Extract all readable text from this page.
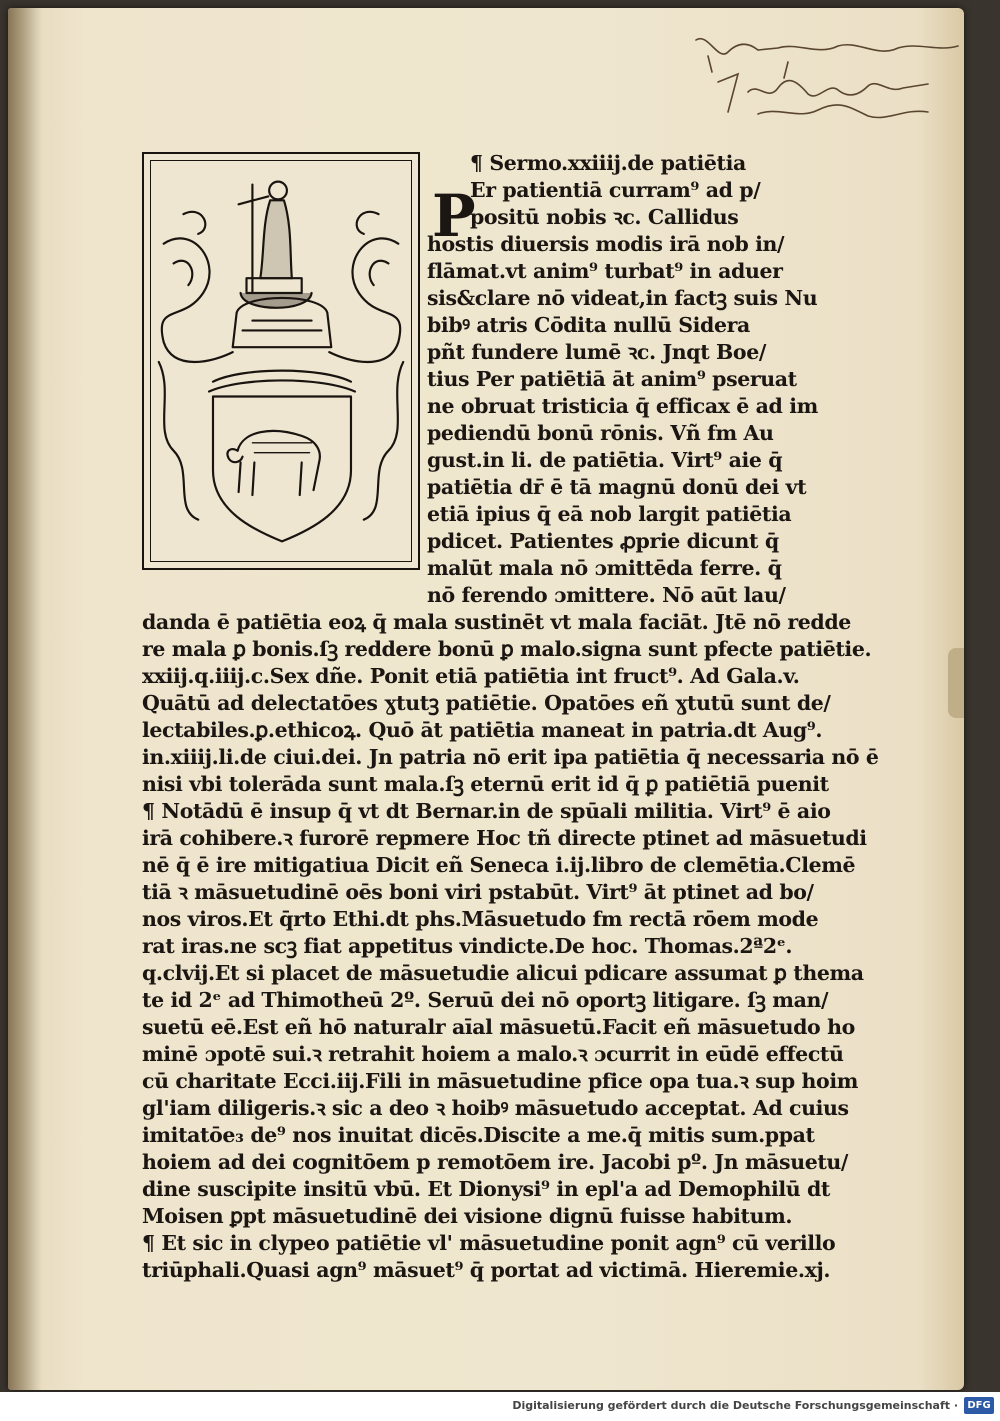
P
¶ Sermo.xxiiij.de patiētia
Er patientiā curram⁹ ad p/
positū nobis ꝛc. Callidus
hostis diuersis modis irā nob in/
flāmat.vt anim⁹ turbat⁹ in aduer
sis&clare nō videat,in factꝫ suis Nu
bibꝰ atris Cōdita nullū Sidera
pñt fundere lumē ꝛc. Jnqt Boe/
tius Per patiētiā āt anim⁹ pseruat
ne obruat tristicia q̄ efficax ē ad im
pediendū bonū rōnis. Vñ fm Au
gust.in li. de patiētia. Virt⁹ aie q̄
patiētia dr̄ ē tā magnū donū dei vt
etiā ipius q̄ eā nob largit patiētia
pdicet. Patientes ꝓprie dicunt q̄
malūt mala nō ɔmittēda ferre. q̄
nō ferendo ɔmittere. Nō aūt lau/
danda ē patiētia eoꝝ q̄ mala sustinēt vt mala faciāt. Jtē nō redde
re mala ꝑ bonis.ſꝫ reddere bonū ꝑ malo.signa sunt pfecte patiētie.
xxiij.q.iiij.c.Sex dñe. Ponit etiā patiētia int fruct⁹. Ad Gala.v.
Quātū ad delectatōes ɣtutꝫ patiētie. Opatōes eñ ɣtutū sunt de/
lectabiles.ꝑ.ethicoꝝ. Quō āt patiētia maneat in patria.dt Aug⁹.
in.xiiij.li.de ciui.dei. Jn patria nō erit ipa patiētia q̄ necessaria nō ē
nisi vbi tolerāda sunt mala.ſꝫ eternū erit id q̄ ꝑ patiētiā puenit
¶ Notādū ē insup q̄ vt dt Bernar.in de spūali militia. Virt⁹ ē aio
irā cohibere.ꝛ furorē repmere Hoc tñ directe ptinet ad māsuetudi
nē q̄ ē ire mitigatiua Dicit eñ Seneca i.ij.libro de clemētia.Clemē
tiā ꝛ māsuetudinē oēs boni viri pstabūt. Virt⁹ āt ptinet ad bo/
nos viros.Et q̄rto Ethi.dt phs.Māsuetudo fm rectā rōem mode
rat iras.ne scꝫ fiat appetitus vindicte.De hoc. Thomas.2ª2ᵉ.
q.clvij.Et si placet de māsuetudie alicui pdicare assumat ꝑ thema
te id 2ᵉ ad Thimotheū 2º. Seruū dei nō oportꝫ litigare. ſꝫ man/
suetū eē.Est eñ hō naturalr aīal māsuetū.Facit eñ māsuetudo ho
minē ɔpotē sui.ꝛ retrahit hoiem a malo.ꝛ ɔcurrit in eūdē effectū
cū charitate Ecci.iij.Fili in māsuetudine pfice opa tua.ꝛ sup hoim
gl'iam diligeris.ꝛ sic a deo ꝛ hoibꝰ māsuetudo acceptat. Ad cuius
imitatōe₃ de⁹ nos inuitat dicēs.Discite a me.q̄ mitis sum.ppat
hoiem ad dei cognitōem p remotōem ire. Jacobi pº. Jn māsuetu/
dine suscipite insitū vbū. Et Dionysi⁹ in epl'a ad Demophilū dt
Moisen ꝑpt māsuetudinē dei visione dignū fuisse habitum.
¶ Et sic in clypeo patiētie vl' māsuetudine ponit agn⁹ cū verillo
triūphali.Quasi agn⁹ māsuet⁹ q̄ portat ad victimā. Hieremie.xj.
Digitalisierung gefördert durch die Deutsche Forschungsgemeinschaft · DFG
